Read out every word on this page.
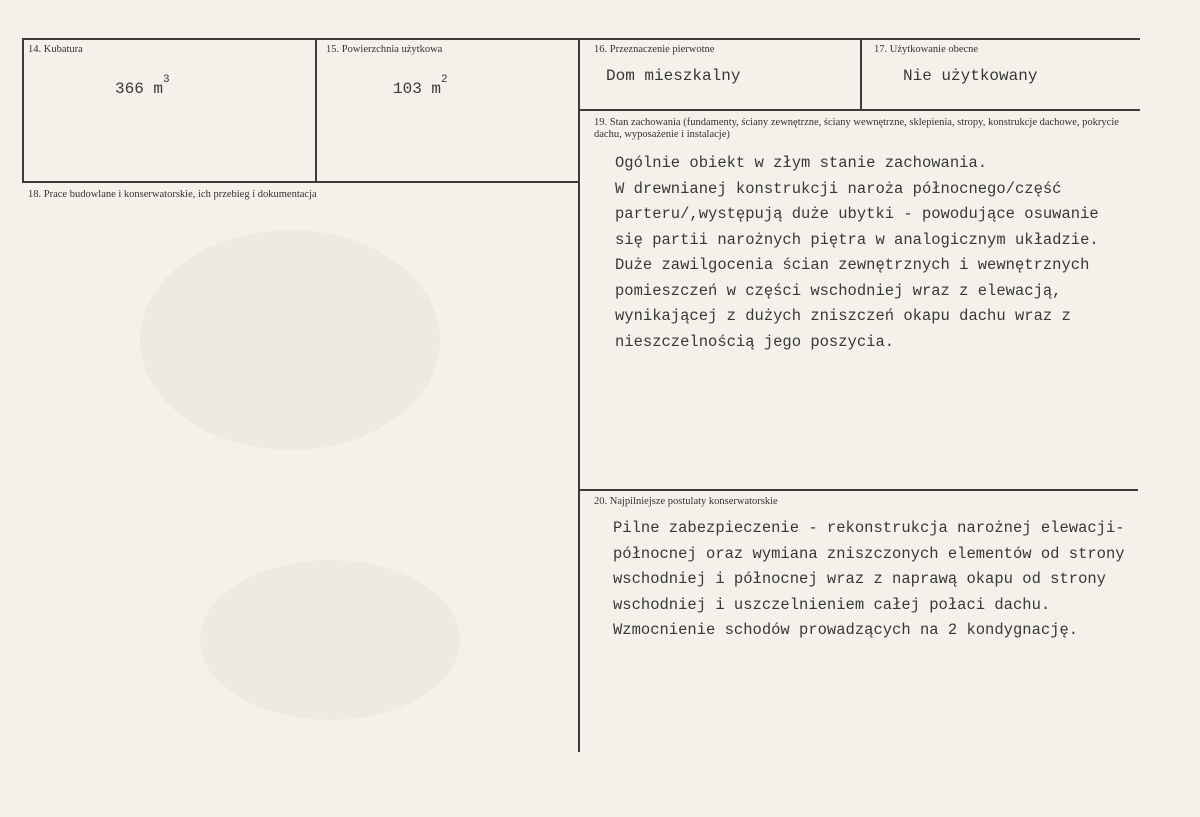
14. Kubatura
366 $m^3$
15. Powierzchnia użytkowa
103 $m^2$
16. Przeznaczenie pierwotne
Dom mieszkalny
17. Użytkowanie obecne
Nie użytkowany
18. Prace budowlane i konserwatorskie, ich przebieg i dokumentacja
19. Stan zachowania (fundamenty, ściany zewnętrzne, ściany wewnętrzne, sklepienia, stropy, konstrukcje dachowe, pokrycie dachu, wyposażenie i instalacje)
Ogólnie obiekt w złym stanie zachowania.
W drewnianej konstrukcji naroża północnego/część
parteru/,występują duże ubytki - powodujące osuwanie
się partii narożnych piętra w analogicznym układzie.
Duże zawilgocenia ścian zewnętrznych i wewnętrznych
pomieszczeń w części wschodniej wraz z elewacją,
wynikającej z dużych zniszczeń okapu dachu wraz z
nieszczelnością jego poszycia.
20. Najpilniejsze postulaty konserwatorskie
Pilne zabezpieczenie - rekonstrukcja narożnej elewacji-
północnej oraz wymiana zniszczonych elementów od strony
wschodniej i północnej wraz z naprawą okapu od strony
wschodniej i uszczelnieniem całej połaci dachu.
Wzmocnienie schodów prowadzących na 2 kondygnację.
